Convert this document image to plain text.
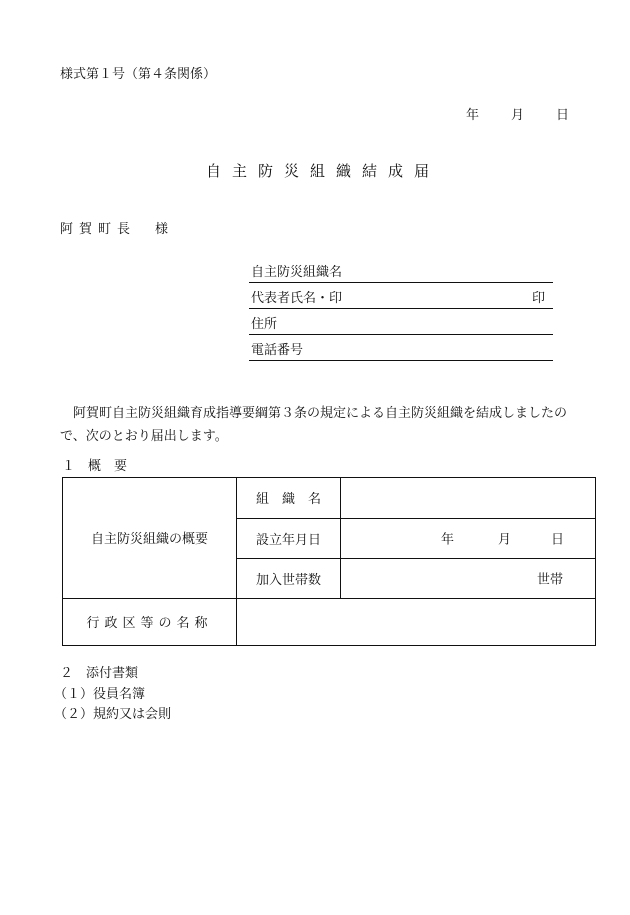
様式第１号（第４条関係）
年 月 日
自主防災組織結成届
阿賀町長　様
自主防災組織名
代表者氏名・印	印
住所
電話番号
阿賀町自主防災組織育成指導要綱第３条の規定による自主防災組織を結成しましたので、次のとおり届出します。
１　概　要
自主防災組織の概要	組　織　名	
	設立年月日	年 月 日

	加入世帯数	世帯

行政区等の名称		
２　添付書類
（１）役員名簿
（２）規約又は会則
